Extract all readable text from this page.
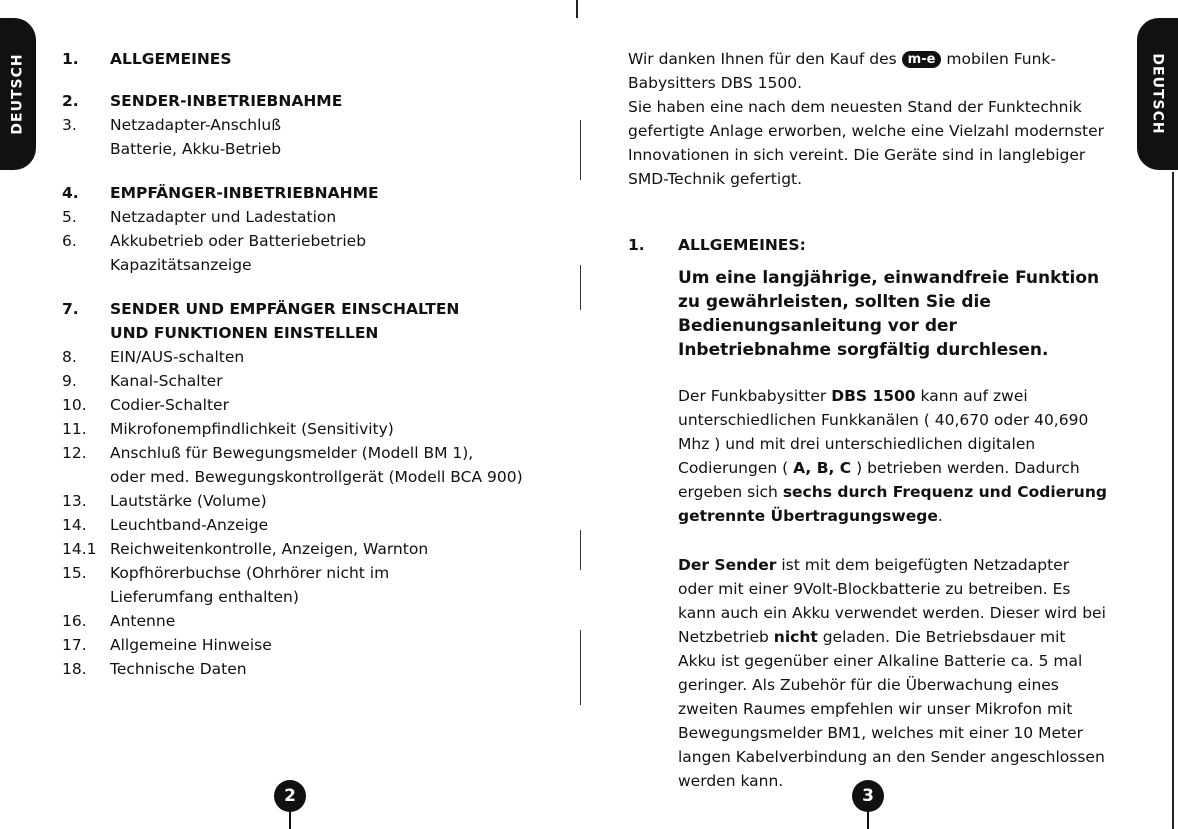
DEUTSCH 1.	ALLGEMEINES
2.	SENDER-INBETRIEBNAHME
3.	Netzadapter-Anschluß
Batterie, Akku-Betrieb
4.	EMPFÄNGER-INBETRIEBNAHME
5.	Netzadapter und Ladestation
6.	Akkubetrieb oder Batteriebetrieb
Kapazitätsanzeige
7.	SENDER UND EMPFÄNGER EINSCHALTEN
UND FUNKTIONEN EINSTELLEN
8.	EIN/AUS-schalten
9.	Kanal-Schalter
10.	Codier-Schalter
11.	Mikrofonempfindlichkeit (Sensitivity)
12.	Anschluß für Bewegungsmelder (Modell BM 1),
oder med. Bewegungskontrollgerät (Modell BCA 900)
13.	Lautstärke (Volume)
14.	Leuchtband-Anzeige
14.1 Reichweitenkontrolle, Anzeigen, Warnton
15.	Kopfhörerbuchse (Ohrhörer nicht im
Lieferumfang enthalten)
16.	Antenne
17.	Allgemeine Hinweise
18.	Technische Daten
2
DEUTSCH

Wir danken Ihnen für den Kauf des m-e mobilen Funk-Babysitters DBS 1500.

Sie haben eine nach dem neuesten Stand der Funktechnik gefertigte Anlage erworben, welche eine Vielzahl modernster Innovationen in sich vereint. Die Geräte sind in langlebiger SMD-Technik gefertigt.

1.	ALLGEMEINES:

Um eine langjährige, einwandfreie Funktion zu gewährleisten, sollten Sie die Bedienungsanleitung vor der Inbetriebnahme sorgfältig durchlesen.

Der Funkbabysitter DBS 1500 kann auf zwei unterschiedlichen Funkkanälen ( 40,670 oder 40,690 Mhz ) und mit drei unterschiedlichen digitalen Codierungen ( A, B, C ) betrieben werden. Dadurch ergeben sich sechs durch Frequenz und Codierung getrennte Übertragungswege.

Der Sender ist mit dem beigefügten Netzadapter oder mit einer 9Volt-Blockbatterie zu betreiben. Es kann auch ein Akku verwendet werden. Dieser wird bei Netzbetrieb nicht geladen. Die Betriebsdauer mit Akku ist gegenüber einer Alkaline Batterie ca. 5 mal geringer. Als Zubehör für die Überwachung eines zweiten Raumes empfehlen wir unser Mikrofon mit Bewegungsmelder BM1, welches mit einer 10 Meter langen Kabelverbindung an den Sender angeschlossen werden kann.

3
